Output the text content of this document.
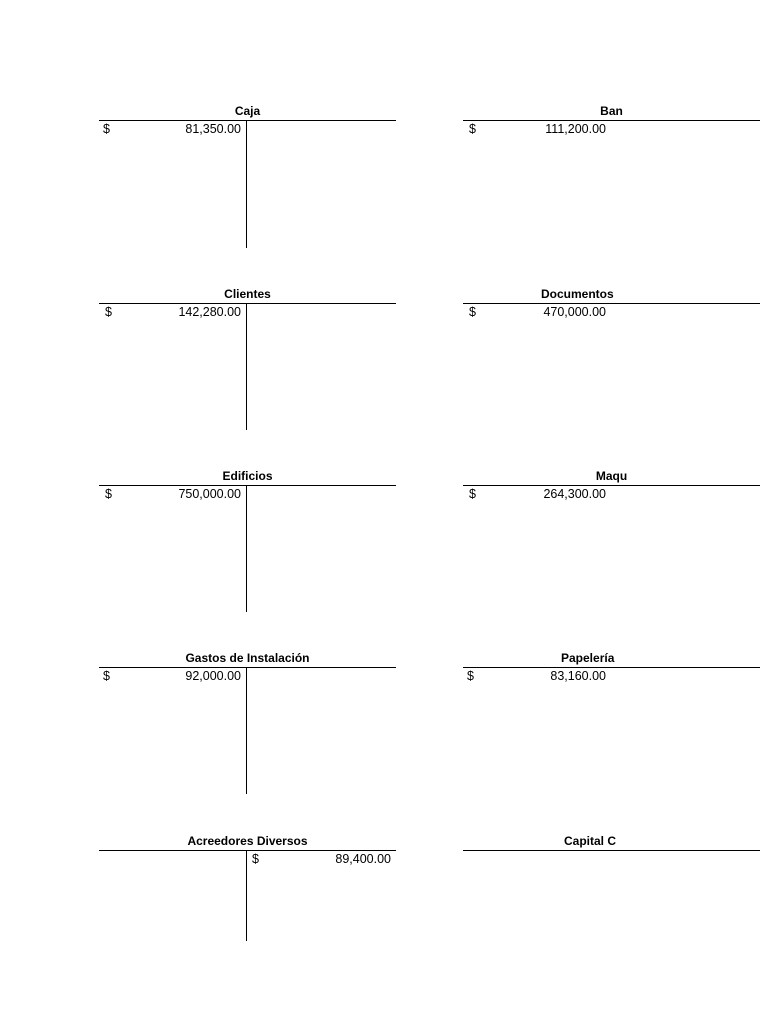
Caja
$	81,350.00
Ban
$	111,200.00
Clientes
$	142,280.00
Documentos
$	470,000.00
Edificios
$	750,000.00
Maqu
$	264,300.00
Gastos de Instalación
$	92,000.00
Papelería
$	83,160.00
Acreedores Diversos
$	89,400.00
Capital C
